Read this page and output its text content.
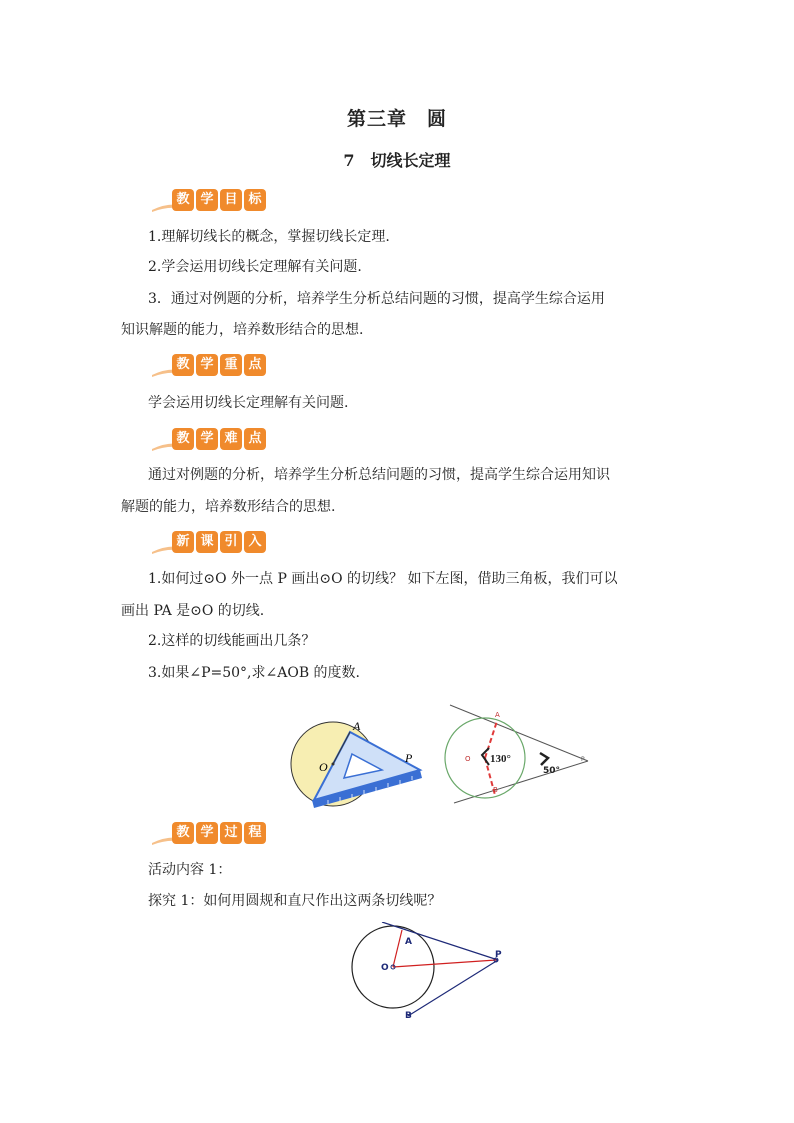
第三章　圆
7　切线长定理
教 学 目 标
1.理解切线长的概念，掌握切线长定理.
2.学会运用切线长定理解有关问题.
3．通过对例题的分析，培养学生分析总结问题的习惯，提高学生综合运用
知识解题的能力，培养数形结合的思想.
教 学 重 点
学会运用切线长定理解有关问题.
教 学 难 点
通过对例题的分析，培养学生分析总结问题的习惯，提高学生综合运用知识
解题的能力，培养数形结合的思想.
新 课 引 入
1.如何过⊙O 外一点 P 画出⊙O 的切线？ 如下左图，借助三角板，我们可以
画出 PA 是⊙O 的切线.
2.这样的切线能画出几条？
3.如果∠P=50°,求∠AOB 的度数.
A
O
P
A
O
B
P
130°
50°
教 学 过 程
活动内容 1：
探究 1：如何用圆规和直尺作出这两条切线呢？
A
O
P
B
